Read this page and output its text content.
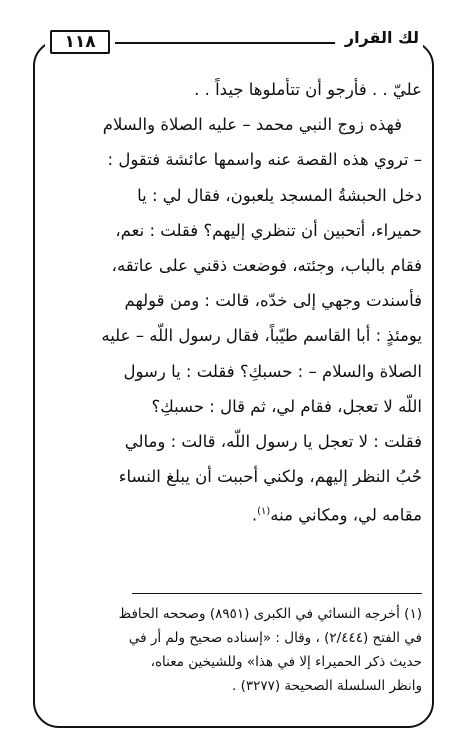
١١٨	لك القرار

عليّ . . فأرجو أن تتأملوها جيداً . .

فهذه زوج النبي محمد – عليه الصلاة والسلام

– تروي هذه القصة عنه واسمها عائشة فتقول :

دخل الحبشةُ المسجد يلعبون، فقال لي : يا

حميراء، أتحبين أن تنظري إليهم؟ فقلت : نعم،

فقام بالباب، وجئته، فوضعت ذقني على عاتقه،

فأسندت وجهي إلى خدّه، قالت : ومن قولهم

يومئذٍ : أبا القاسم طيّباً، فقال رسول اللّه – عليه

الصلاة والسلام – : حسبكِ؟ فقلت : يا رسول

اللّه لا تعجل، فقام لي، ثم قال : حسبكِ؟

فقلت : لا تعجل يا رسول اللّه، قالت : ومالي

حُبُ النظر إليهم، ولكني أحببت أن يبلغ النساء

مقامه لي، ومكاني منه$^{(١)}$.

(١) أخرجه النسائي في الكبرى (٨٩٥١) وصححه الحافظ

في الفتح (٢/٤٤٤) ، وقال : «إسناده صحيح ولم أر في

حديث ذكر الحميراء إلا في هذا» وللشيخين معناه،

وانظر السلسلة الصحيحة (٣٢٧٧) .
